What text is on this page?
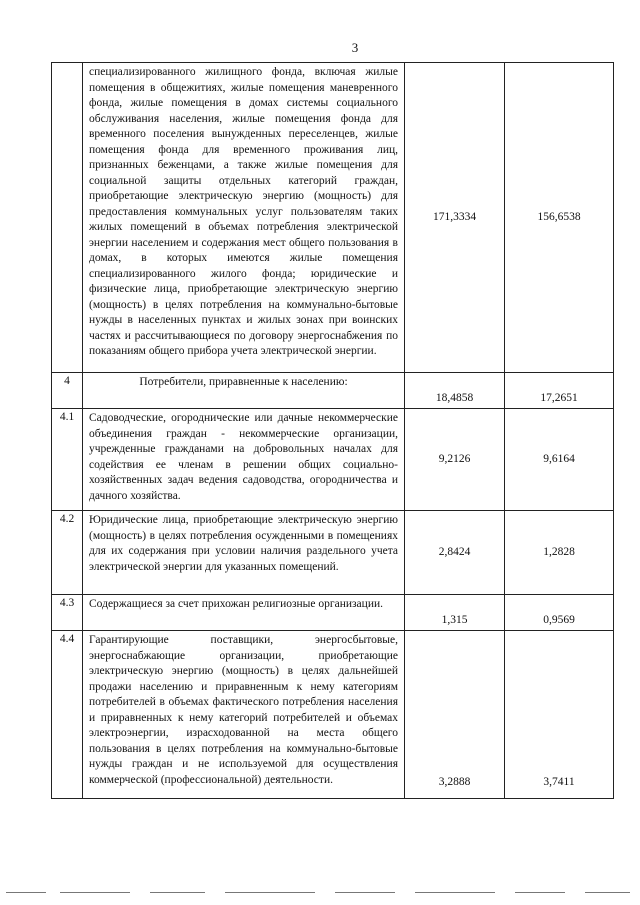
3
	специализированного жилищного фонда, включая жилые помещения в общежитиях, жилые помещения маневренного фонда, жилые помещения в домах системы социального обслуживания населения, жилые помещения фонда для временного поселения вынужденных переселенцев, жилые помещения фонда для временного проживания лиц, признанных беженцами, а также жилые помещения для социальной защиты отдельных категорий граждан, приобретающие электрическую энергию (мощность) для предоставления коммунальных услуг пользователям таких жилых помещений в объемах потребления электрической энергии населением и содержания мест общего пользования в домах, в которых имеются жилые помещения специализированного жилого фонда; юридические и физические лица, приобретающие электрическую энергию (мощность) в целях потребления на коммунально-бытовые нужды в населенных пунктах и жилых зонах при воинских частях и рассчитывающиеся по договору энергоснабжения по показаниям общего прибора учета электрической энергии.	171,3334	156,6538
4	Потребители, приравненные к населению:	18,4858	17,2651
4.1	Садоводческие, огороднические или дачные некоммерческие объединения граждан - некоммерческие организации, учрежденные гражданами на добровольных началах для содействия ее членам в решении общих социально-хозяйственных задач ведения садоводства, огородничества и дачного хозяйства.	9,2126	9,6164
4.2	Юридические лица, приобретающие электрическую энергию (мощность) в целях потребления осужденными в помещениях для их содержания при условии наличия раздельного учета электрической энергии для указанных помещений.	2,8424	1,2828
4.3	Содержащиеся за счет прихожан религиозные организации.	1,315	0,9569
4.4	Гарантирующие поставщики, энергосбытовые, энергоснабжающие организации, приобретающие электрическую энергию (мощность) в целях дальнейшей продажи населению и приравненным к нему категориям потребителей в объемах фактического потребления населения и приравненных к нему категорий потребителей и объемах электроэнергии, израсходованной на места общего пользования в целях потребления на коммунально-бытовые нужды граждан и не используемой для осуществления коммерческой (профессиональной) деятельности.	3,2888	3,7411
